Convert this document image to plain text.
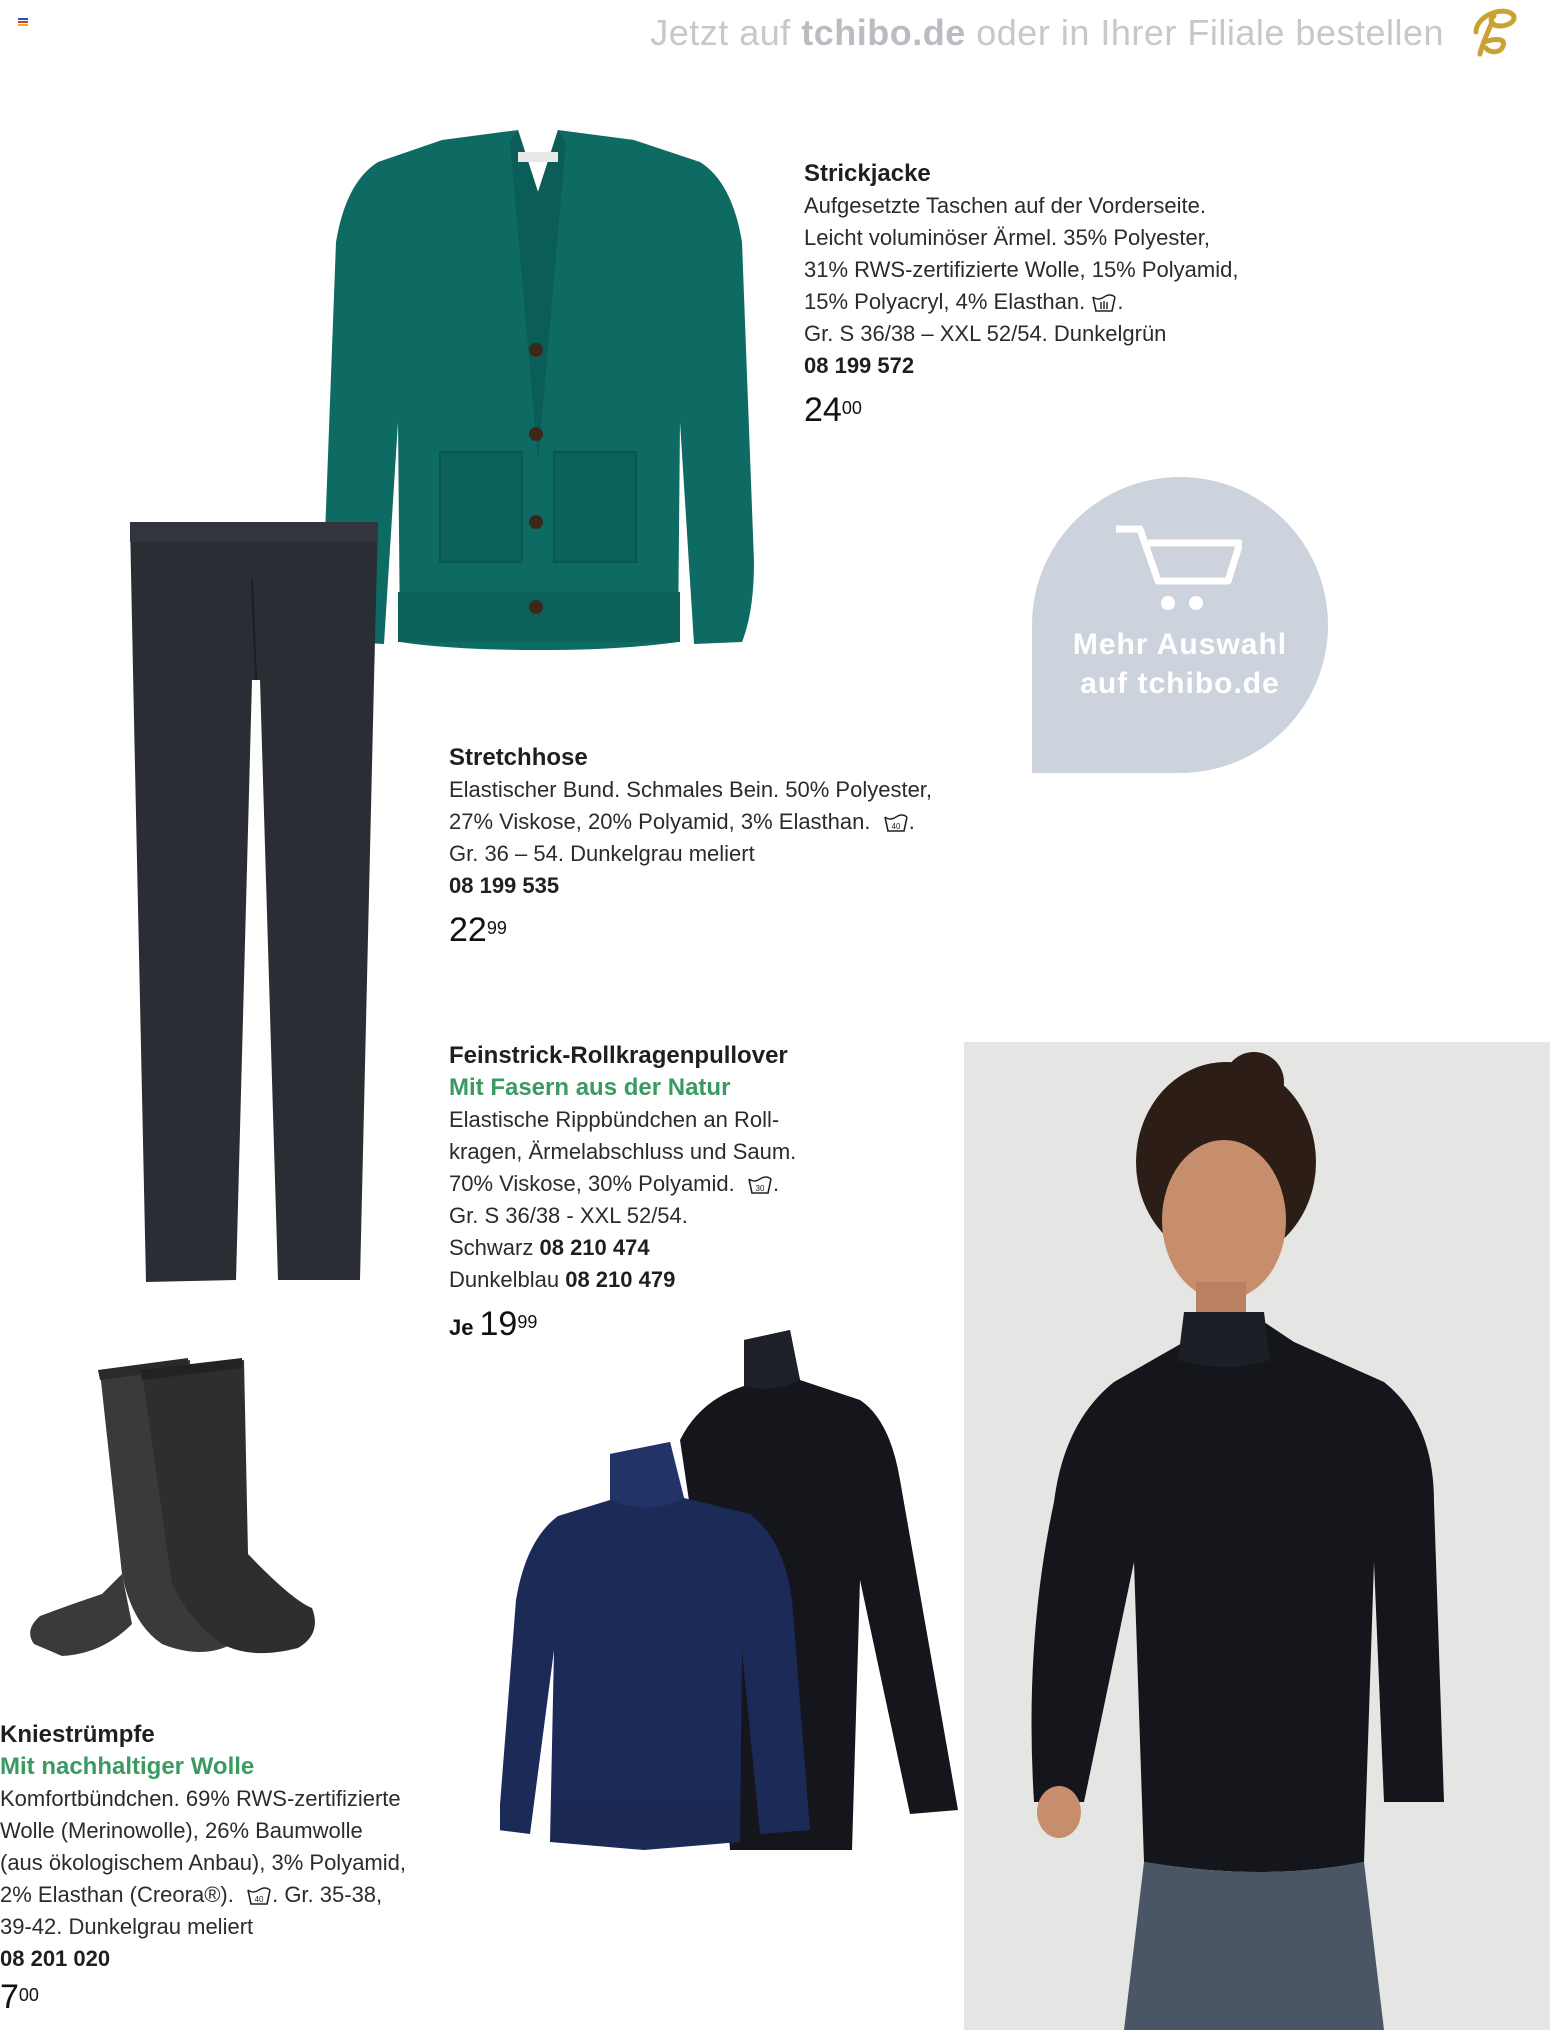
Jetzt auf tchibo.de oder in Ihrer Filiale bestellen
Strickjacke
Aufgesetzte Taschen auf der Vorderseite.
Leicht voluminöser Ärmel. 35% Polyester,
31% RWS-zertifizierte Wolle, 15% Polyamid,
15% Polyacryl, 4% Elasthan. .
Gr. S 36/38 – XXL 52/54. Dunkelgrün
08 199 572
$24^{00}$
Mehr Auswahl
auf tchibo.de
Stretchhose
Elastischer Bund. Schmales Bein. 50% Polyester,
27% Viskose, 20% Polyamid, 3% Elasthan.	40 .
Gr. 36 – 54. Dunkelgrau meliert
08 199 535
$22^{99}$
Feinstrick-Rollkragenpullover
Mit Fasern aus der Natur
Elastische Rippbündchen an Roll-
kragen, Ärmelabschluss und Saum.
70% Viskose, 30% Polyamid.	30 .
Gr. S 36/38 - XXL 52/54.
Schwarz 08 210 474
Dunkelblau 08 210 479
Je $19^{99}$
Kniestrümpfe
Mit nachhaltiger Wolle
Komfortbündchen. 69% RWS-zertifizierte
Wolle (Merinowolle), 26% Baumwolle
(aus ökologischem Anbau), 3% Polyamid,
2% Elasthan (Creora®).	40 . Gr. 35-38,
39-42. Dunkelgrau meliert
08 201 020
$7^{00}$
